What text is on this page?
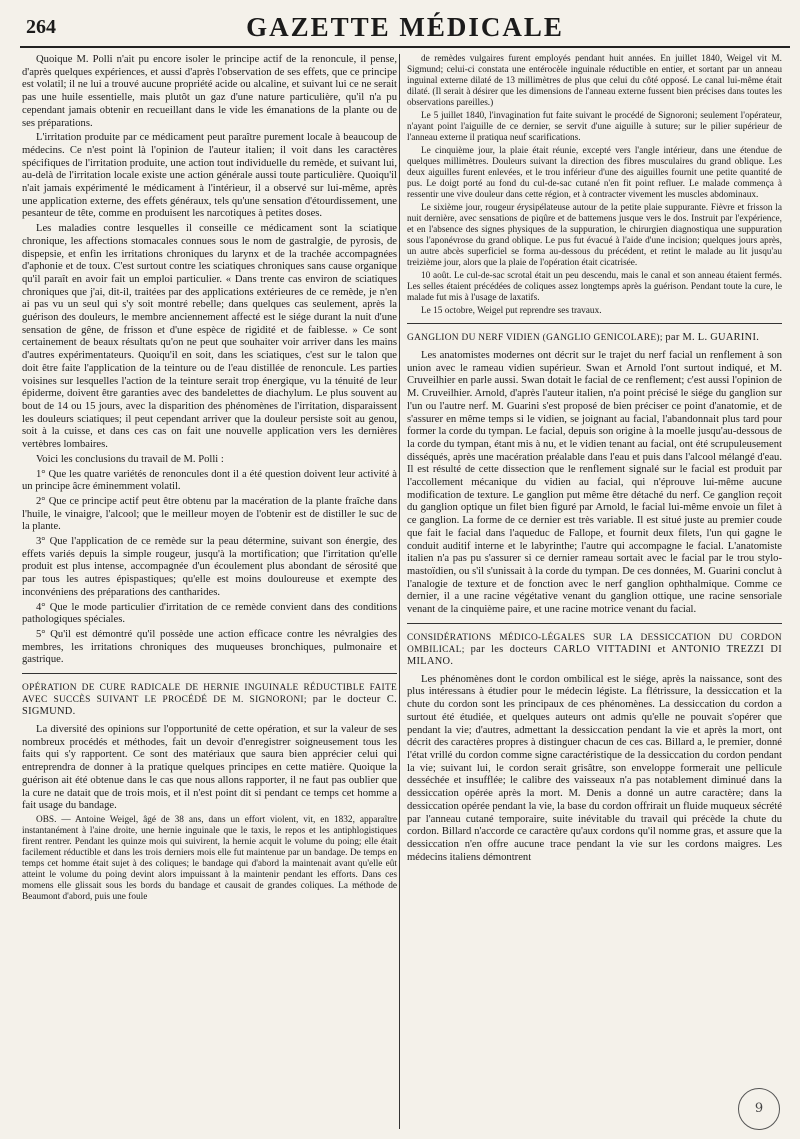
264	GAZETTE MÉDICALE

Quoique M. Polli n'ait pu encore isoler le principe actif de la renoncule, il pense, d'après quelques expériences, et aussi d'après l'observation de ses effets, que ce principe est volatil; il ne lui a trouvé aucune propriété acide ou alcaline, et suivant lui ce ne serait pas une huile essentielle, mais plutôt un gaz d'une nature particulière, qu'il n'a pu cependant jamais obtenir en recueillant dans le vide les émanations de la plante ou de ses préparations.

L'irritation produite par ce médicament peut paraître purement locale à beaucoup de médecins. Ce n'est point là l'opinion de l'auteur italien; il voit dans les caractères spécifiques de l'irritation produite, une action tout individuelle du remède, et suivant lui, au-delà de l'irritation locale existe une action générale aussi toute particulière. Quoiqu'il n'ait jamais expérimenté le médicament à l'intérieur, il a observé sur lui-même, après une application externe, des effets généraux, tels qu'une sensation d'étourdissement, une pesanteur de tête, comme en produisent les narcotiques à petites doses.

Les maladies contre lesquelles il conseille ce médicament sont la sciatique chronique, les affections stomacales connues sous le nom de gastralgie, de pyrosis, de dispepsie, et enfin les irritations chroniques du larynx et de la trachée accompagnées d'aphonie et de toux. C'est surtout contre les sciatiques chroniques sans cause organique qu'il paraît en avoir fait un emploi particulier. « Dans trente cas environ de sciatiques chroniques que j'ai, dit-il, traitées par des applications extérieures de ce remède, je n'en ai pas vu un seul qui s'y soit montré rebelle; dans quelques cas seulement, après la guérison des douleurs, le membre anciennement affecté est le siége durant la nuit d'une sensation de gêne, de frisson et d'une espèce de rigidité et de faiblesse. » Ce sont certainement de beaux résultats qu'on ne peut que souhaiter voir arriver dans les mains d'autres expérimentateurs. Quoiqu'il en soit, dans les sciatiques, c'est sur le talon que doit être faite l'application de la teinture ou de l'eau distillée de renoncule. Les parties voisines sur lesquelles l'action de la teinture serait trop énergique, vu la ténuité de leur épiderme, doivent être garanties avec des bandelettes de diachylum. Le plus souvent au bout de 14 ou 15 jours, avec la disparition des phénomènes de l'irritation, disparaissent les douleurs sciatiques; il peut cependant arriver que la douleur persiste soit au genou, soit à la cuisse, et dans ces cas on fait une nouvelle application vers les dernières vertèbres lombaires.

Voici les conclusions du travail de M. Polli :

1° Que les quatre variétés de renoncules dont il a été question doivent leur activité à un principe âcre éminemment volatil.

2° Que ce principe actif peut être obtenu par la macération de la plante fraîche dans l'huile, le vinaigre, l'alcool; que le meilleur moyen de l'obtenir est de distiller le suc de la plante.

3° Que l'application de ce remède sur la peau détermine, suivant son énergie, des effets variés depuis la simple rougeur, jusqu'à la mortification; que l'irritation qu'elle produit est plus intense, accompagnée d'un écoulement plus abondant de sérosité que par tous les autres épispastiques; qu'elle est moins douloureuse et exempte des inconvéniens des préparations des cantharides.

4° Que le mode particulier d'irritation de ce remède convient dans des conditions pathologiques spéciales.

5° Qu'il est démontré qu'il possède une action efficace contre les névralgies des membres, les irritations chroniques des muqueuses bronchiques, pulmonaire et gastrique.

OPÉRATION DE CURE RADICALE DE HERNIE INGUINALE RÉDUCTIBLE FAITE AVEC SUCCÈS SUIVANT LE PROCÉDÉ DE M. SIGNORONI; par le docteur C. SIGMUND.

La diversité des opinions sur l'opportunité de cette opération, et sur la valeur de ses nombreux procédés et méthodes, fait un devoir d'enregistrer soigneusement tous les faits qui s'y rapportent. Ce sont des matériaux que saura bien apprécier celui qui entreprendra de donner à la pratique quelques principes en cette matière. Quoique la guérison ait été obtenue dans le cas que nous allons rapporter, il ne faut pas oublier que la cure ne datait que de trois mois, et il n'est point dit si pendant ce temps cet homme a fait usage du bandage.

OBS. — Antoine Weigel, âgé de 38 ans, dans un effort violent, vit, en 1832, apparaître instantanément à l'aine droite, une hernie inguinale que le taxis, le repos et les antiphlogistiques firent rentrer. Pendant les quinze mois qui suivirent, la hernie acquit le volume du poing; elle était facilement réductible et dans les trois derniers mois elle fut maintenue par un bandage. De temps en temps cet homme était sujet à des coliques; le bandage qui d'abord la maintenait avant qu'elle eût atteint le volume du poing devint alors impuissant à la maintenir pendant les efforts. Dans ces momens elle glissait sous les bords du bandage et causait de grandes coliques. La méthode de Beaumont d'abord, puis une foule

de remèdes vulgaires furent employés pendant huit années. En juillet 1840, Weigel vit M. Sigmund; celui-ci constata une entérocèle inguinale réductible en entier, et sortant par un anneau inguinal externe dilaté de 13 millimètres de plus que celui du côté opposé. Le canal lui-même était dilaté. (Il serait à désirer que les dimensions de l'anneau externe fussent bien précises dans toutes les observations pareilles.)

Le 5 juillet 1840, l'invagination fut faite suivant le procédé de Signoroni; seulement l'opérateur, n'ayant point l'aiguille de ce dernier, se servit d'une aiguille à suture; sur le pilier supérieur de l'anneau externe il pratiqua neuf scarifications.

Le cinquième jour, la plaie était réunie, excepté vers l'angle intérieur, dans une étendue de quelques millimètres. Douleurs suivant la direction des fibres musculaires du grand oblique. Les deux aiguilles furent enlevées, et le trou inférieur d'une des aiguilles fournit une petite quantité de pus. Le doigt porté au fond du cul-de-sac cutané n'en fit point refluer. Le malade commença à ressentir une vive douleur dans cette région, et à contracter vivement les muscles abdominaux.

Le sixième jour, rougeur érysipélateuse autour de la petite plaie suppurante. Fièvre et frisson la nuit dernière, avec sensations de piqûre et de battemens jusque vers le dos. Instruit par l'expérience, et en l'absence des signes physiques de la suppuration, le chirurgien diagnostiqua une suppuration sous l'aponévrose du grand oblique. Le pus fut évacué à l'aide d'une incision; quelques jours après, un autre abcès superficiel se forma au-dessous du précédent, et retint le malade au lit jusqu'au treizième jour, alors que la plaie de l'opération était cicatrisée.

10 août. Le cul-de-sac scrotal était un peu descendu, mais le canal et son anneau étaient fermés. Les selles étaient précédées de coliques assez longtemps après la guérison. Pendant toute la cure, le malade fut mis à l'usage de laxatifs.

Le 15 octobre, Weigel put reprendre ses travaux.

GANGLION DU NERF VIDIEN (GANGLIO GENICOLARE); par M. L. GUARINI.

Les anatomistes modernes ont décrit sur le trajet du nerf facial un renflement à son union avec le rameau vidien supérieur. Swan et Arnold l'ont surtout indiqué, et M. Cruveilhier en parle aussi. Swan dotait le facial de ce renflement; c'est aussi l'opinion de M. Cruveilhier. Arnold, d'après l'auteur italien, n'a point précisé le siége du ganglion sur l'un ou l'autre nerf. M. Guarini s'est proposé de bien préciser ce point d'anatomie, et de s'assurer en même temps si le vidien, se joignant au facial, l'abandonnait plus tard pour former la corde du tympan. Le facial, depuis son origine à la moelle jusqu'au-dessous de la corde du tympan, étant mis à nu, et le vidien tenant au facial, ont été scrupuleusement disséqués, après une macération préalable dans l'eau et puis dans l'alcool mélangé d'eau. Il est résulté de cette dissection que le renflement signalé sur le facial est produit par l'accollement mécanique du vidien au facial, qui n'éprouve lui-même aucune modification de texture. Le ganglion put même être détaché du nerf. Ce ganglion reçoit du ganglion optique un filet bien figuré par Arnold, le facial lui-même envoie un filet à ce ganglion. La forme de ce dernier est très variable. Il est situé juste au premier coude que fait le facial dans l'aqueduc de Fallope, et fournit deux filets, l'un qui gagne le conduit auditif interne et le labyrinthe; l'autre qui accompagne le facial. L'anatomiste italien n'a pas pu s'assurer si ce dernier rameau sortait avec le facial par le trou stylo-mastoïdien, ou s'il s'unissait à la corde du tympan. De ces données, M. Guarini conclut à l'analogie de texture et de fonction avec le nerf ganglion ophthalmique. Comme ce dernier, il a une racine végétative venant du ganglion ottique, une racine sensoriale venant de la cinquième paire, et une racine motrice venant du facial.

CONSIDÉRATIONS MÉDICO-LÉGALES SUR LA DESSICCATION DU CORDON OMBILICAL; par les docteurs CARLO VITTADINI et ANTONIO TREZZI DI MILANO.

Les phénomènes dont le cordon ombilical est le siége, après la naissance, sont des plus intéressans à étudier pour le médecin légiste. La flétrissure, la dessiccation et la chute du cordon sont les principaux de ces phénomènes. La dessiccation du cordon a surtout été étudiée, et quelques auteurs ont admis qu'elle ne pouvait s'opérer que pendant la vie; d'autres, admettant la dessiccation pendant la vie et après la mort, ont décrit des caractères propres à distinguer chacun de ces cas. Billard a, le premier, donné l'état vrillé du cordon comme signe caractéristique de la dessiccation du cordon pendant la vie; suivant lui, le cordon serait grisâtre, son enveloppe formerait une pellicule desséchée et insufflée; le calibre des vaisseaux n'a pas notablement diminué dans la dessiccation opérée après la mort. M. Denis a donné un autre caractère; dans la dessiccation opérée pendant la vie, la base du cordon offrirait un fluide muqueux sécrété par l'anneau cutané temporaire, suite inévitable du travail qui précède la chute du cordon. Billard n'accorde ce caractère qu'aux cordons qu'il nomme gras, et assure que la dessiccation n'en offre aucune trace pendant la vie sur les cordons maigres. Les médecins italiens démontrent

9
